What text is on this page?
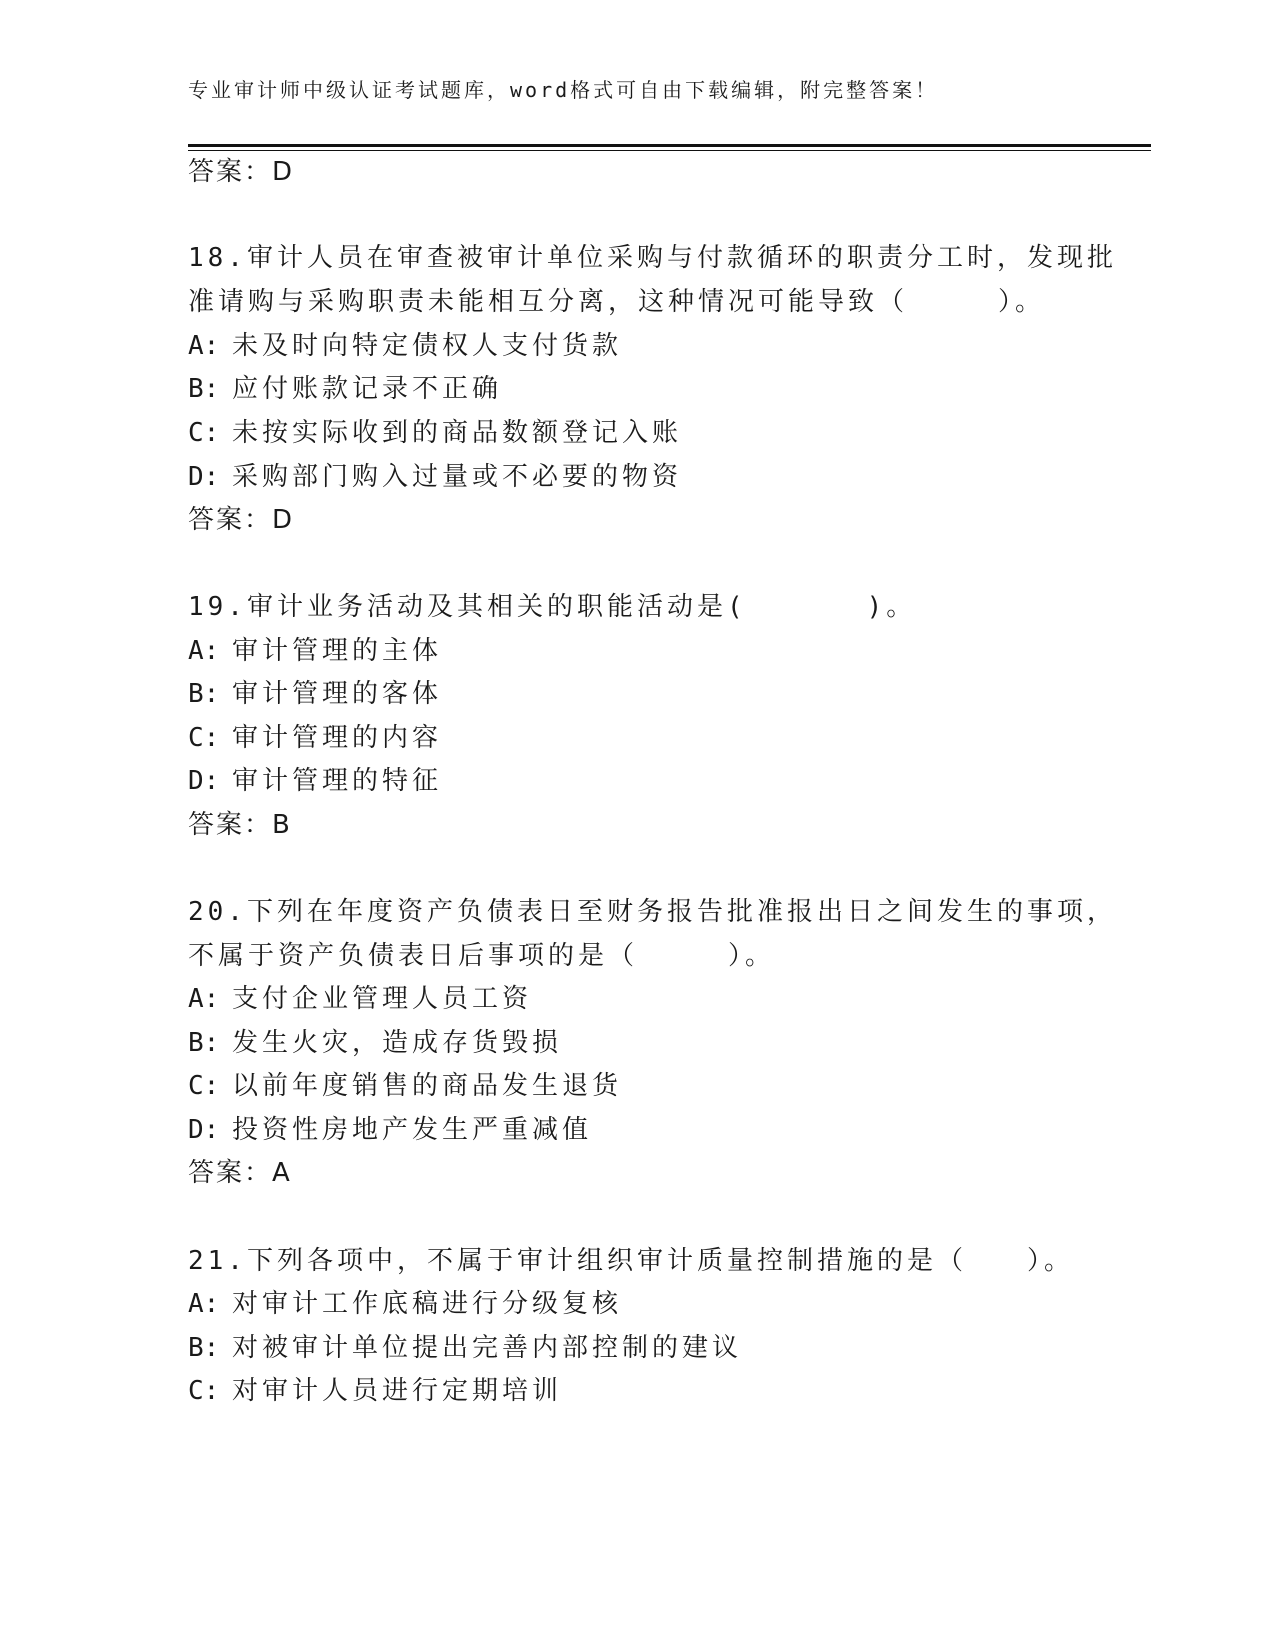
专业审计师中级认证考试题库，word格式可自由下载编辑，附完整答案！
答案：D
18.审计人员在审查被审计单位采购与付款循环的职责分工时，发现批
准请购与采购职责未能相互分离，这种情况可能导致（　　　）。
A: 未及时向特定债权人支付货款
B: 应付账款记录不正确
C: 未按实际收到的商品数额登记入账
D: 采购部门购入过量或不必要的物资
答案：D
19.审计业务活动及其相关的职能活动是(　　　　)。
A: 审计管理的主体
B: 审计管理的客体
C: 审计管理的内容
D: 审计管理的特征
答案：B
20.下列在年度资产负债表日至财务报告批准报出日之间发生的事项，
不属于资产负债表日后事项的是（　　　）。
A: 支付企业管理人员工资
B: 发生火灾，造成存货毁损
C: 以前年度销售的商品发生退货
D: 投资性房地产发生严重减值
答案：A
21.下列各项中，不属于审计组织审计质量控制措施的是（　　）。
A: 对审计工作底稿进行分级复核
B: 对被审计单位提出完善内部控制的建议
C: 对审计人员进行定期培训
